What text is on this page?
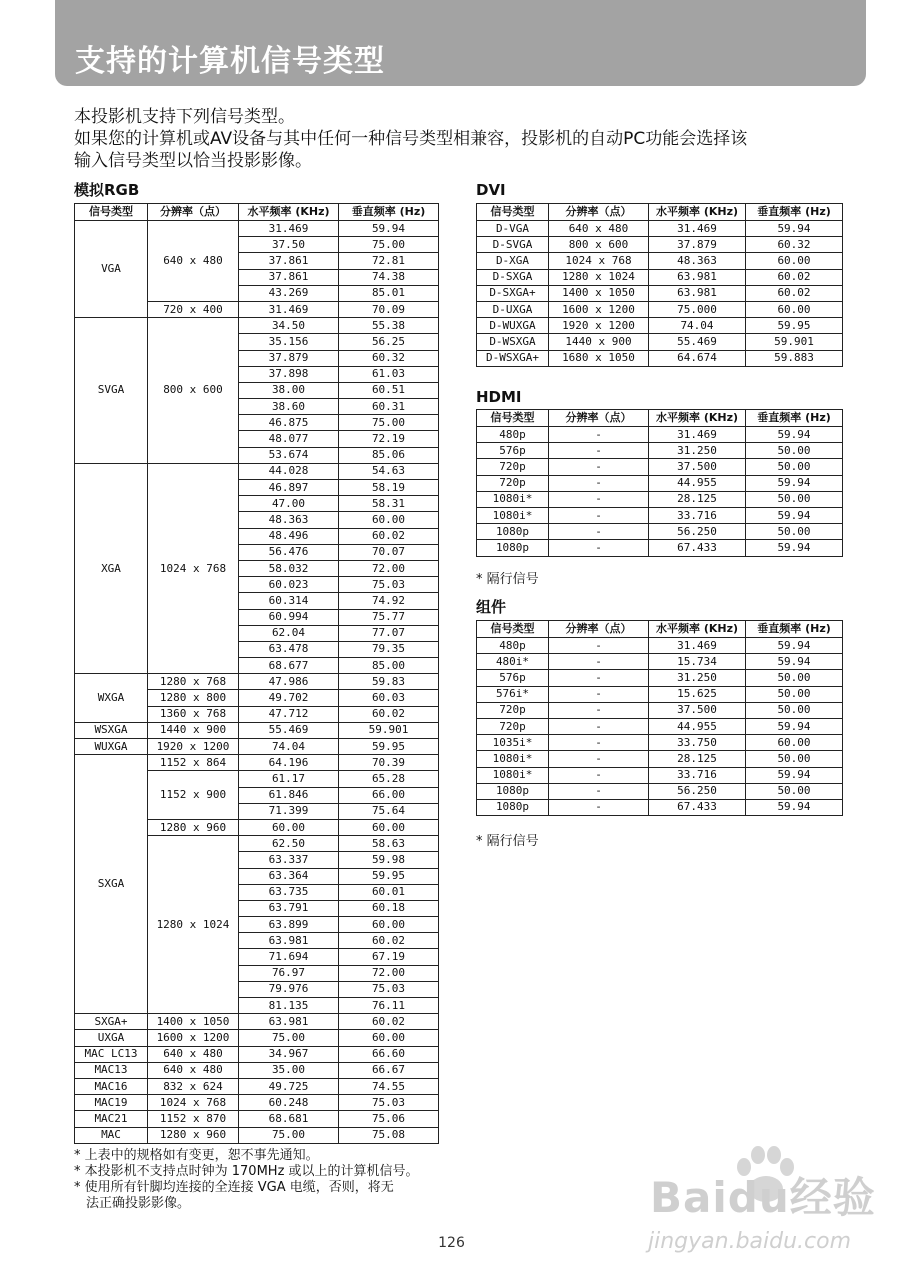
支持的计算机信号类型
本投影机支持下列信号类型。
如果您的计算机或AV设备与其中任何一种信号类型相兼容，投影机的自动PC功能会选择该
输入信号类型以恰当投影影像。
模拟RGB
信号类型	分辨率（点）	水平频率 (KHz)	垂直频率 (Hz)
VGA	640 x 480	31.469	59.94
		37.50	75.00
		37.861	72.81
		37.861	74.38
		43.269	85.01
	720 x 400	31.469	70.09
SVGA	800 x 600	34.50	55.38
		35.156	56.25
		37.879	60.32
		37.898	61.03
		38.00	60.51
		38.60	60.31
		46.875	75.00
		48.077	72.19
		53.674	85.06
XGA	1024 x 768	44.028	54.63
		46.897	58.19
		47.00	58.31
		48.363	60.00
		48.496	60.02
		56.476	70.07
		58.032	72.00
		60.023	75.03
		60.314	74.92
		60.994	75.77
		62.04	77.07
		63.478	79.35
		68.677	85.00
WXGA	1280 x 768	47.986	59.83
	1280 x 800	49.702	60.03
	1360 x 768	47.712	60.02
WSXGA	1440 x 900	55.469	59.901
WUXGA	1920 x 1200	74.04	59.95
SXGA	1152 x 864	64.196	70.39
	1152 x 900	61.17	65.28
		61.846	66.00
		71.399	75.64
	1280 x 960	60.00	60.00
	1280 x 1024	62.50	58.63
		63.337	59.98
		63.364	59.95
		63.735	60.01
		63.791	60.18
		63.899	60.00
		63.981	60.02
		71.694	67.19
		76.97	72.00
		79.976	75.03
		81.135	76.11
SXGA+	1400 x 1050	63.981	60.02
UXGA	1600 x 1200	75.00	60.00
MAC LC13	640 x 480	34.967	66.60
MAC13	640 x 480	35.00	66.67
MAC16	832 x 624	49.725	74.55
MAC19	1024 x 768	60.248	75.03
MAC21	1152 x 870	68.681	75.06
MAC	1280 x 960	75.00	75.08
* 上表中的规格如有变更，恕不事先通知。
* 本投影机不支持点时钟为 170MHz 或以上的计算机信号。
* 使用所有针脚均连接的全连接 VGA 电缆，否则，将无
法正确投影影像。
DVI
信号类型	分辨率（点）	水平频率 (KHz)	垂直频率 (Hz)
D-VGA	640 x 480	31.469	59.94
D-SVGA	800 x 600	37.879	60.32
D-XGA	1024 x 768	48.363	60.00
D-SXGA	1280 x 1024	63.981	60.02
D-SXGA+	1400 x 1050	63.981	60.02
D-UXGA	1600 x 1200	75.000	60.00
D-WUXGA	1920 x 1200	74.04	59.95
D-WSXGA	1440 x 900	55.469	59.901
D-WSXGA+	1680 x 1050	64.674	59.883
HDMI
信号类型	分辨率（点）	水平频率 (KHz)	垂直频率 (Hz)
480p	-	31.469	59.94
576p	-	31.250	50.00
720p	-	37.500	50.00
720p	-	44.955	59.94
1080i*	-	28.125	50.00
1080i*	-	33.716	59.94
1080p	-	56.250	50.00
1080p	-	67.433	59.94
* 隔行信号
组件
信号类型	分辨率（点）	水平频率 (KHz)	垂直频率 (Hz)
480p	-	31.469	59.94
480i*	-	15.734	59.94
576p	-	31.250	50.00
576i*	-	15.625	50.00
720p	-	37.500	50.00
720p	-	44.955	59.94
1035i*	-	33.750	60.00
1080i*	-	28.125	50.00
1080i*	-	33.716	59.94
1080p	-	56.250	50.00
1080p	-	67.433	59.94
* 隔行信号
126
Baidu经验
jingyan.baidu.com
